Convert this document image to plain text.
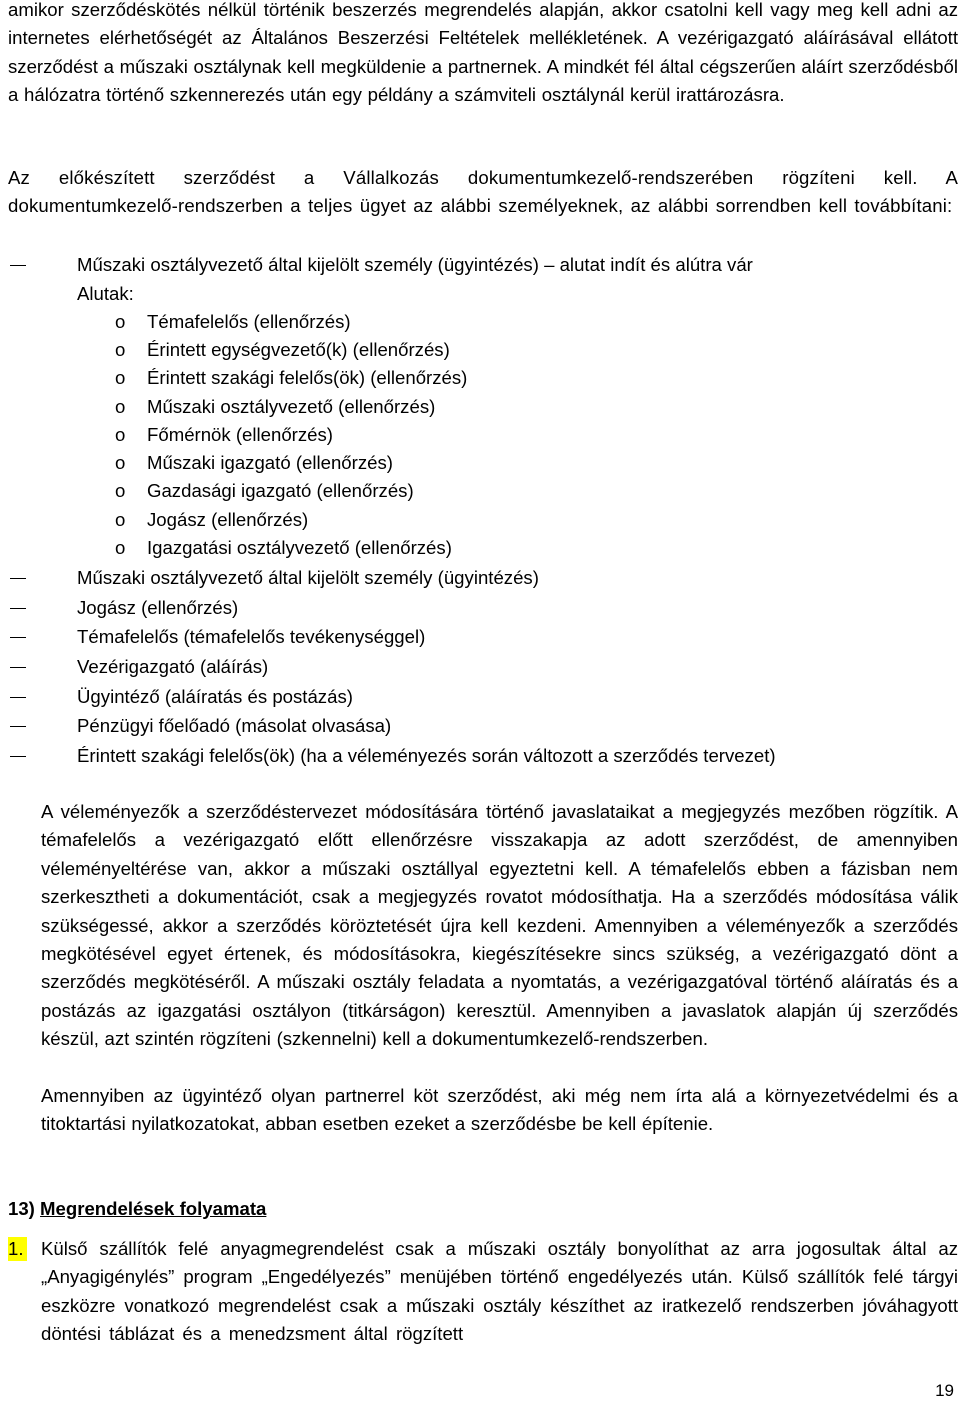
amikor szerződéskötés nélkül történik beszerzés megrendelés alapján, akkor csatolni kell vagy meg kell adni az internetes elérhetőségét az Általános Beszerzési Feltételek mellékletének. A vezérigazgató aláírásával ellátott szerződést a műszaki osztálynak kell megküldenie a partnernek. A mindkét fél által cégszerűen aláírt szerződésből a hálózatra történő szkennerezés után egy példány a számviteli osztálynál kerül irattározásra.
Az előkészített szerződést a Vállalkozás dokumentumkezelő-rendszerében rögzíteni kell. A dokumentumkezelő-rendszerben a teljes ügyet az alábbi személyeknek, az alábbi sorrendben kell továbbítani:
Műszaki osztályvezető által kijelölt személy (ügyintézés) – alutat indít és alútra vár
Alutak:
o Témafelelős (ellenőrzés)
o Érintett egységvezető(k) (ellenőrzés)
o Érintett szakági felelős(ök) (ellenőrzés)
o Műszaki osztályvezető (ellenőrzés)
o Főmérnök (ellenőrzés)
o Műszaki igazgató (ellenőrzés)
o Gazdasági igazgató (ellenőrzés)
o Jogász (ellenőrzés)
o Igazgatási osztályvezető (ellenőrzés)
Műszaki osztályvezető által kijelölt személy (ügyintézés)
Jogász (ellenőrzés)
Témafelelős (témafelelős tevékenységgel)
Vezérigazgató (aláírás)
Ügyintéző (aláíratás és postázás)
Pénzügyi főelőadó (másolat olvasása)
Érintett szakági felelős(ök) (ha a véleményezés során változott a szerződés tervezet)
A véleményezők a szerződéstervezet módosítására történő javaslataikat a megjegyzés mezőben rögzítik. A témafelelős a vezérigazgató előtt ellenőrzésre visszakapja az adott szerződést, de amennyiben véleményeltérése van, akkor a műszaki osztállyal egyeztetni kell. A témafelelős ebben a fázisban nem szerkesztheti a dokumentációt, csak a megjegyzés rovatot módosíthatja. Ha a szerződés módosítása válik szükségessé, akkor a szerződés köröztetését újra kell kezdeni. Amennyiben a véleményezők a szerződés megkötésével egyet értenek, és módosításokra, kiegészítésekre sincs szükség, a vezérigazgató dönt a szerződés megkötéséről. A műszaki osztály feladata a nyomtatás, a vezérigazgatóval történő aláíratás és a postázás az igazgatási osztályon (titkárságon) keresztül. Amennyiben a javaslatok alapján új szerződés készül, azt szintén rögzíteni (szkennelni) kell a dokumentumkezelő-rendszerben.
Amennyiben az ügyintéző olyan partnerrel köt szerződést, aki még nem írta alá a környezetvédelmi és a titoktartási nyilatkozatokat, abban esetben ezeket a szerződésbe be kell építenie.
13) Megrendelések folyamata
1. Külső szállítók felé anyagmegrendelést csak a műszaki osztály bonyolíthat az arra jogosultak által az „Anyagigénylés” program „Engedélyezés” menüjében történő engedélyezés után. Külső szállítók felé tárgyi eszközre vonatkozó megrendelést csak a műszaki osztály készíthet az iratkezelő rendszerben jóváhagyott döntési táblázat és a menedzsment által rögzített
19
